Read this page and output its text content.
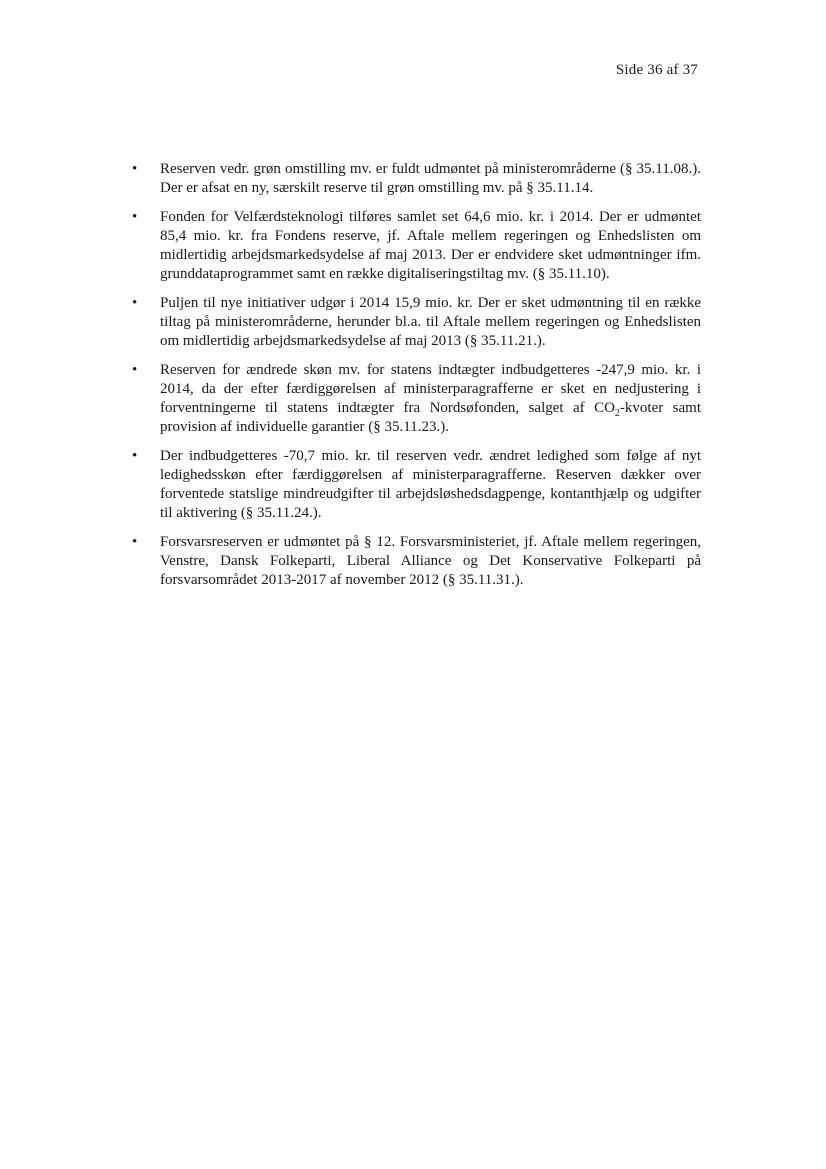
Side 36 af 37
• Reserven vedr. grøn omstilling mv. er fuldt udmøntet på ministerområderne (§ 35.11.08.). Der er afsat en ny, særskilt reserve til grøn omstilling mv. på § 35.11.14.
• Fonden for Velfærdsteknologi tilføres samlet set 64,6 mio. kr. i 2014. Der er udmøntet 85,4 mio. kr. fra Fondens reserve, jf. Aftale mellem regeringen og Enhedslisten om midlertidig arbejdsmarkedsydelse af maj 2013. Der er endvidere sket udmøntninger ifm. grunddataprogrammet samt en række digitaliseringstiltag mv. (§ 35.11.10).
• Puljen til nye initiativer udgør i 2014 15,9 mio. kr. Der er sket udmøntning til en række tiltag på ministerområderne, herunder bl.a. til Aftale mellem regeringen og Enhedslisten om midlertidig arbejdsmarkedsydelse af maj 2013 (§ 35.11.21.).
• Reserven for ændrede skøn mv. for statens indtægter indbudgetteres -247,9 mio. kr. i 2014, da der efter færdiggørelsen af ministerparagrafferne er sket en nedjustering i forventningerne til statens indtægter fra Nordsøfonden, salget af $CO_2$-kvoter samt provision af individuelle garantier (§ 35.11.23.).
• Der indbudgetteres -70,7 mio. kr. til reserven vedr. ændret ledighed som følge af nyt ledighedsskøn efter færdiggørelsen af ministerparagrafferne. Reserven dækker over forventede statslige mindreudgifter til arbejdsløshedsdagpenge, kontanthjælp og udgifter til aktivering (§ 35.11.24.).
• Forsvarsreserven er udmøntet på § 12. Forsvarsministeriet, jf. Aftale mellem regeringen, Venstre, Dansk Folkeparti, Liberal Alliance og Det Konservative Folkeparti på forsvarsområdet 2013-2017 af november 2012 (§ 35.11.31.).
